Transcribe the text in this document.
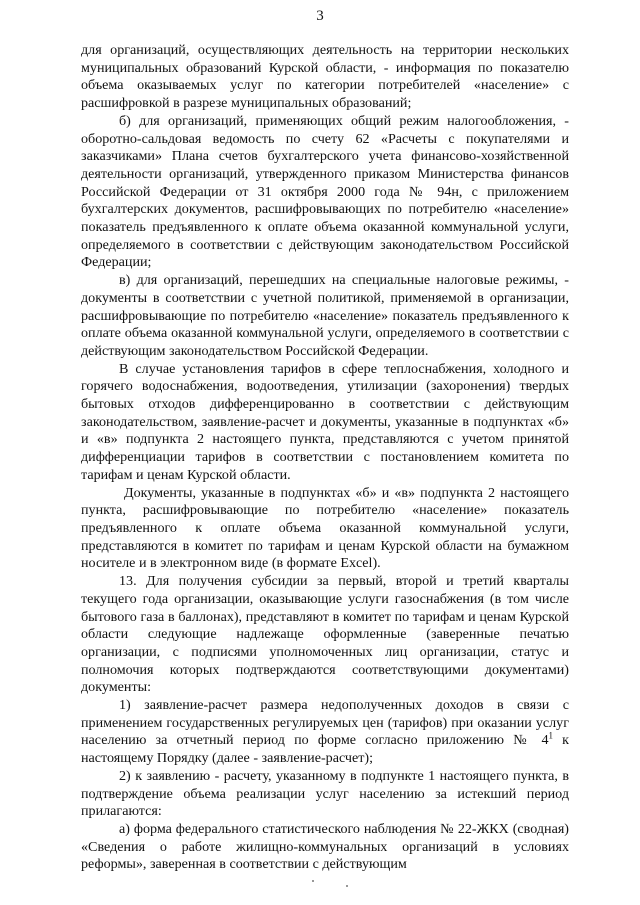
3

для организаций, осуществляющих деятельность на территории нескольких муниципальных образований Курской области, - информация по показателю объема оказываемых услуг по категории потребителей «население» с расшифровкой в разрезе муниципальных образований;

б) для организаций, применяющих общий режим налогообложения, - оборотно-сальдовая ведомость по счету 62 «Расчеты с покупателями и заказчиками» Плана счетов бухгалтерского учета финансово-хозяйственной деятельности организаций, утвержденного приказом Министерства финансов Российской Федерации от 31 октября 2000 года № 94н, с приложением бухгалтерских документов, расшифровывающих по потребителю «население» показатель предъявленного к оплате объема оказанной коммунальной услуги, определяемого в соответствии с действующим законодательством Российской Федерации;

в) для организаций, перешедших на специальные налоговые режимы, - документы в соответствии с учетной политикой, применяемой в организации, расшифровывающие по потребителю «население» показатель предъявленного к оплате объема оказанной коммунальной услуги, определяемого в соответствии с действующим законодательством Российской Федерации.

В случае установления тарифов в сфере теплоснабжения, холодного и горячего водоснабжения, водоотведения, утилизации (захоронения) твердых бытовых отходов дифференцированно в соответствии с действующим законодательством, заявление-расчет и документы, указанные в подпунктах «б» и «в» подпункта 2 настоящего пункта, представляются с учетом принятой дифференциации тарифов в соответствии с постановлением комитета по тарифам и ценам Курской области.

Документы, указанные в подпунктах «б» и «в» подпункта 2 настоящего пункта, расшифровывающие по потребителю «население» показатель предъявленного к оплате объема оказанной коммунальной услуги, представляются в комитет по тарифам и ценам Курской области на бумажном носителе и в электронном виде (в формате Excel).

13. Для получения субсидии за первый, второй и третий кварталы текущего года организации, оказывающие услуги газоснабжения (в том числе бытового газа в баллонах), представляют в комитет по тарифам и ценам Курской области следующие надлежаще оформленные (заверенные печатью организации, с подписями уполномоченных лиц организации, статус и полномочия которых подтверждаются соответствующими документами) документы:

1) заявление-расчет размера недополученных доходов в связи с применением государственных регулируемых цен (тарифов) при оказании услуг населению за отчетный период по форме согласно приложению № $4^1$ к настоящему Порядку (далее - заявление-расчет);

2) к заявлению - расчету, указанному в подпункте 1 настоящего пункта, в подтверждение объема реализации услуг населению за истекший период прилагаются:

а) форма федерального статистического наблюдения № 22-ЖКХ (сводная) «Сведения о работе жилищно-коммунальных организаций в условиях реформы», заверенная в соответствии с действующим
